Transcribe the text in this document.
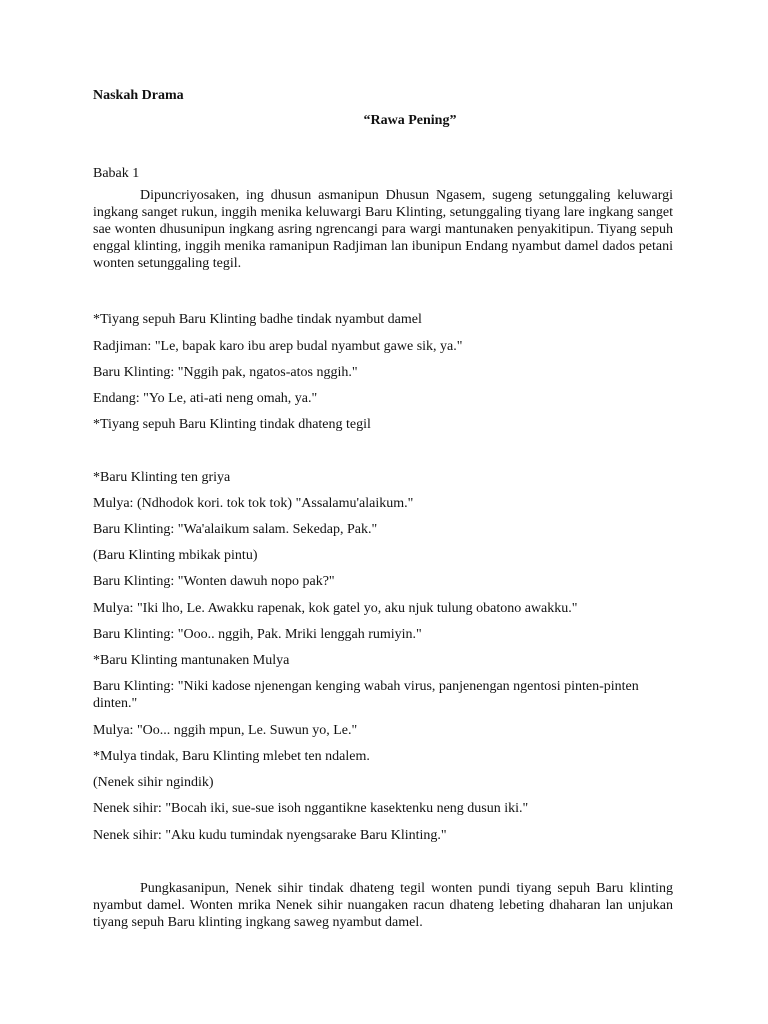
Naskah Drama

“Rawa Pening”

Babak 1

Dipuncriyosaken, ing dhusun asmanipun Dhusun Ngasem, sugeng setunggaling keluwargi ingkang sanget rukun, inggih menika keluwargi Baru Klinting, setunggaling tiyang lare ingkang sanget sae wonten dhusunipun ingkang asring ngrencangi para wargi mantunaken penyakitipun. Tiyang sepuh enggal klinting, inggih menika ramanipun Radjiman lan ibunipun Endang nyambut damel dados petani wonten setunggaling tegil.

*Tiyang sepuh Baru Klinting badhe tindak nyambut damel

Radjiman: "Le, bapak karo ibu arep budal nyambut gawe sik, ya."

Baru Klinting: "Nggih pak, ngatos-atos nggih."

Endang: "Yo Le, ati-ati neng omah, ya."

*Tiyang sepuh Baru Klinting tindak dhateng tegil

*Baru Klinting ten griya

Mulya: (Ndhodok kori. tok tok tok) "Assalamu'alaikum."

Baru Klinting: "Wa'alaikum salam. Sekedap, Pak."

(Baru Klinting mbikak pintu)

Baru Klinting: "Wonten dawuh nopo pak?"

Mulya: "Iki lho, Le. Awakku rapenak, kok gatel yo, aku njuk tulung obatono awakku."

Baru Klinting: "Ooo.. nggih, Pak. Mriki lenggah rumiyin."

*Baru Klinting mantunaken Mulya

Baru Klinting: "Niki kadose njenengan kenging wabah virus, panjenengan ngentosi pinten-pinten dinten."

Mulya: "Oo... nggih mpun, Le. Suwun yo, Le."

*Mulya tindak, Baru Klinting mlebet ten ndalem.

(Nenek sihir ngindik)

Nenek sihir: "Bocah iki, sue-sue isoh nggantikne kasektenku neng dusun iki."

Nenek sihir: "Aku kudu tumindak nyengsarake Baru Klinting."

Pungkasanipun, Nenek sihir tindak dhateng tegil wonten pundi tiyang sepuh Baru klinting nyambut damel. Wonten mrika Nenek sihir nuangaken racun dhateng lebeting dhaharan lan unjukan tiyang sepuh Baru klinting ingkang saweg nyambut damel.
